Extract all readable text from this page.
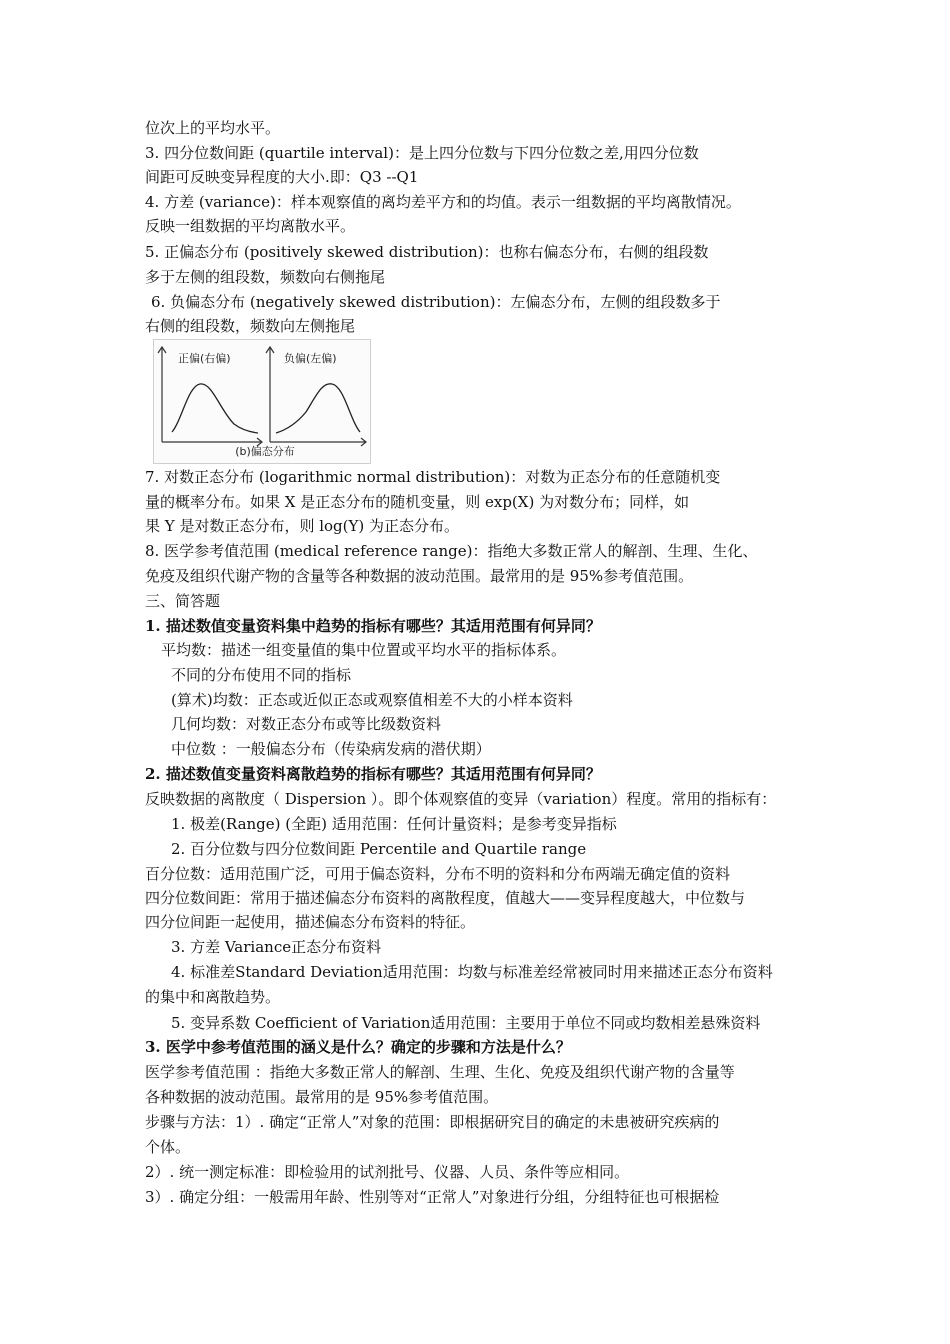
位次上的平均水平。
3. 四分位数间距 (quartile interval)：是上四分位数与下四分位数之差,用四分位数
间距可反映变异程度的大小.即：Q3 --Q1
4. 方差 (variance)：样本观察值的离均差平方和的均值。表示一组数据的平均离散情况。
反映一组数据的平均离散水平。
5. 正偏态分布 (positively skewed distribution)：也称右偏态分布，右侧的组段数
多于左侧的组段数，频数向右侧拖尾
6. 负偏态分布 (negatively skewed distribution)：左偏态分布，左侧的组段数多于
右侧的组段数，频数向左侧拖尾
正偏(右偏)	负偏(左偏)
(b)偏态分布
7. 对数正态分布 (logarithmic normal distribution)：对数为正态分布的任意随机变
量的概率分布。如果 X 是正态分布的随机变量，则 exp(X) 为对数分布；同样，如
果 Y 是对数正态分布，则 log(Y) 为正态分布。
8. 医学参考值范围 (medical reference range)：指绝大多数正常人的解剖、生理、生化、
免疫及组织代谢产物的含量等各种数据的波动范围。最常用的是 95%参考值范围。
三、简答题
1. 描述数值变量资料集中趋势的指标有哪些？其适用范围有何异同？
平均数：描述一组变量值的集中位置或平均水平的指标体系。
不同的分布使用不同的指标
(算术)均数：正态或近似正态或观察值相差不大的小样本资料
几何均数：对数正态分布或等比级数资料
中位数 ：一般偏态分布（传染病发病的潜伏期）
2. 描述数值变量资料离散趋势的指标有哪些？其适用范围有何异同？
反映数据的离散度（ Dispersion ）。即个体观察值的变异（variation）程度。常用的指标有：
1. 极差(Range) (全距) 适用范围：任何计量资料；是参考变异指标
2. 百分位数与四分位数间距 Percentile and Quartile range
百分位数：适用范围广泛，可用于偏态资料，分布不明的资料和分布两端无确定值的资料
四分位数间距：常用于描述偏态分布资料的离散程度，值越大——变异程度越大，中位数与
四分位间距一起使用，描述偏态分布资料的特征。
3. 方差 Variance正态分布资料
4. 标准差Standard Deviation适用范围：均数与标准差经常被同时用来描述正态分布资料
的集中和离散趋势。
5. 变异系数 Coefficient of Variation适用范围：主要用于单位不同或均数相差悬殊资料
3. 医学中参考值范围的涵义是什么？确定的步骤和方法是什么？
医学参考值范围 ：指绝大多数正常人的解剖、生理、生化、免疫及组织代谢产物的含量等
各种数据的波动范围。最常用的是 95%参考值范围。
步骤与方法：1）. 确定“正常人”对象的范围：即根据研究目的确定的未患被研究疾病的
个体。
2）. 统一测定标准：即检验用的试剂批号、仪器、人员、条件等应相同。
3）. 确定分组：一般需用年龄、性别等对“正常人”对象进行分组，分组特征也可根据检
